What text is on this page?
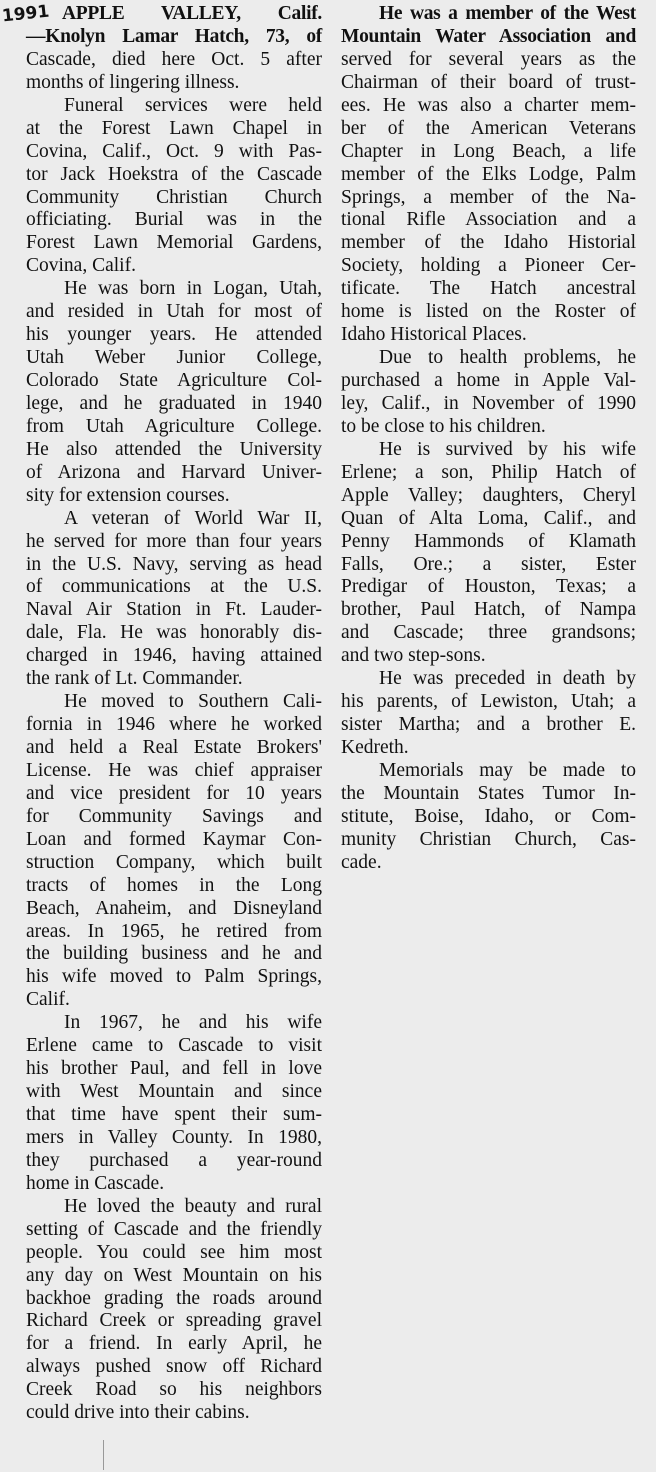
1991 APPLE VALLEY, Calif.
—Knolyn Lamar Hatch, 73, of
Cascade, died here Oct. 5 after
months of lingering illness.
Funeral services were held
at the Forest Lawn Chapel in
Covina, Calif., Oct. 9 with Pas-
tor Jack Hoekstra of the Cascade
Community Christian Church
officiating. Burial was in the
Forest Lawn Memorial Gardens,
Covina, Calif.
He was born in Logan, Utah,
and resided in Utah for most of
his younger years. He attended
Utah Weber Junior College,
Colorado State Agriculture Col-
lege, and he graduated in 1940
from Utah Agriculture College.
He also attended the University
of Arizona and Harvard Univer-
sity for extension courses.
A veteran of World War II,
he served for more than four years
in the U.S. Navy, serving as head
of communications at the U.S.
Naval Air Station in Ft. Lauder-
dale, Fla. He was honorably dis-
charged in 1946, having attained
the rank of Lt. Commander.
He moved to Southern Cali-
fornia in 1946 where he worked
and held a Real Estate Brokers'
License. He was chief appraiser
and vice president for 10 years
for Community Savings and
Loan and formed Kaymar Con-
struction Company, which built
tracts of homes in the Long
Beach, Anaheim, and Disneyland
areas. In 1965, he retired from
the building business and he and
his wife moved to Palm Springs,
Calif.
In 1967, he and his wife
Erlene came to Cascade to visit
his brother Paul, and fell in love
with West Mountain and since
that time have spent their sum-
mers in Valley County. In 1980,
they purchased a year-round
home in Cascade.
He loved the beauty and rural
setting of Cascade and the friendly
people. You could see him most
any day on West Mountain on his
backhoe grading the roads around
Richard Creek or spreading gravel
for a friend. In early April, he
always pushed snow off Richard
Creek Road so his neighbors
could drive into their cabins.
He was a member of the West
Mountain Water Association and
served for several years as the
Chairman of their board of trust-
ees. He was also a charter mem-
ber of the American Veterans
Chapter in Long Beach, a life
member of the Elks Lodge, Palm
Springs, a member of the Na-
tional Rifle Association and a
member of the Idaho Historial
Society, holding a Pioneer Cer-
tificate. The Hatch ancestral
home is listed on the Roster of
Idaho Historical Places.
Due to health problems, he
purchased a home in Apple Val-
ley, Calif., in November of 1990
to be close to his children.
He is survived by his wife
Erlene; a son, Philip Hatch of
Apple Valley; daughters, Cheryl
Quan of Alta Loma, Calif., and
Penny Hammonds of Klamath
Falls, Ore.; a sister, Ester
Predigar of Houston, Texas; a
brother, Paul Hatch, of Nampa
and Cascade; three grandsons;
and two step-sons.
He was preceded in death by
his parents, of Lewiston, Utah; a
sister Martha; and a brother E.
Kedreth.
Memorials may be made to
the Mountain States Tumor In-
stitute, Boise, Idaho, or Com-
munity Christian Church, Cas-
cade.
